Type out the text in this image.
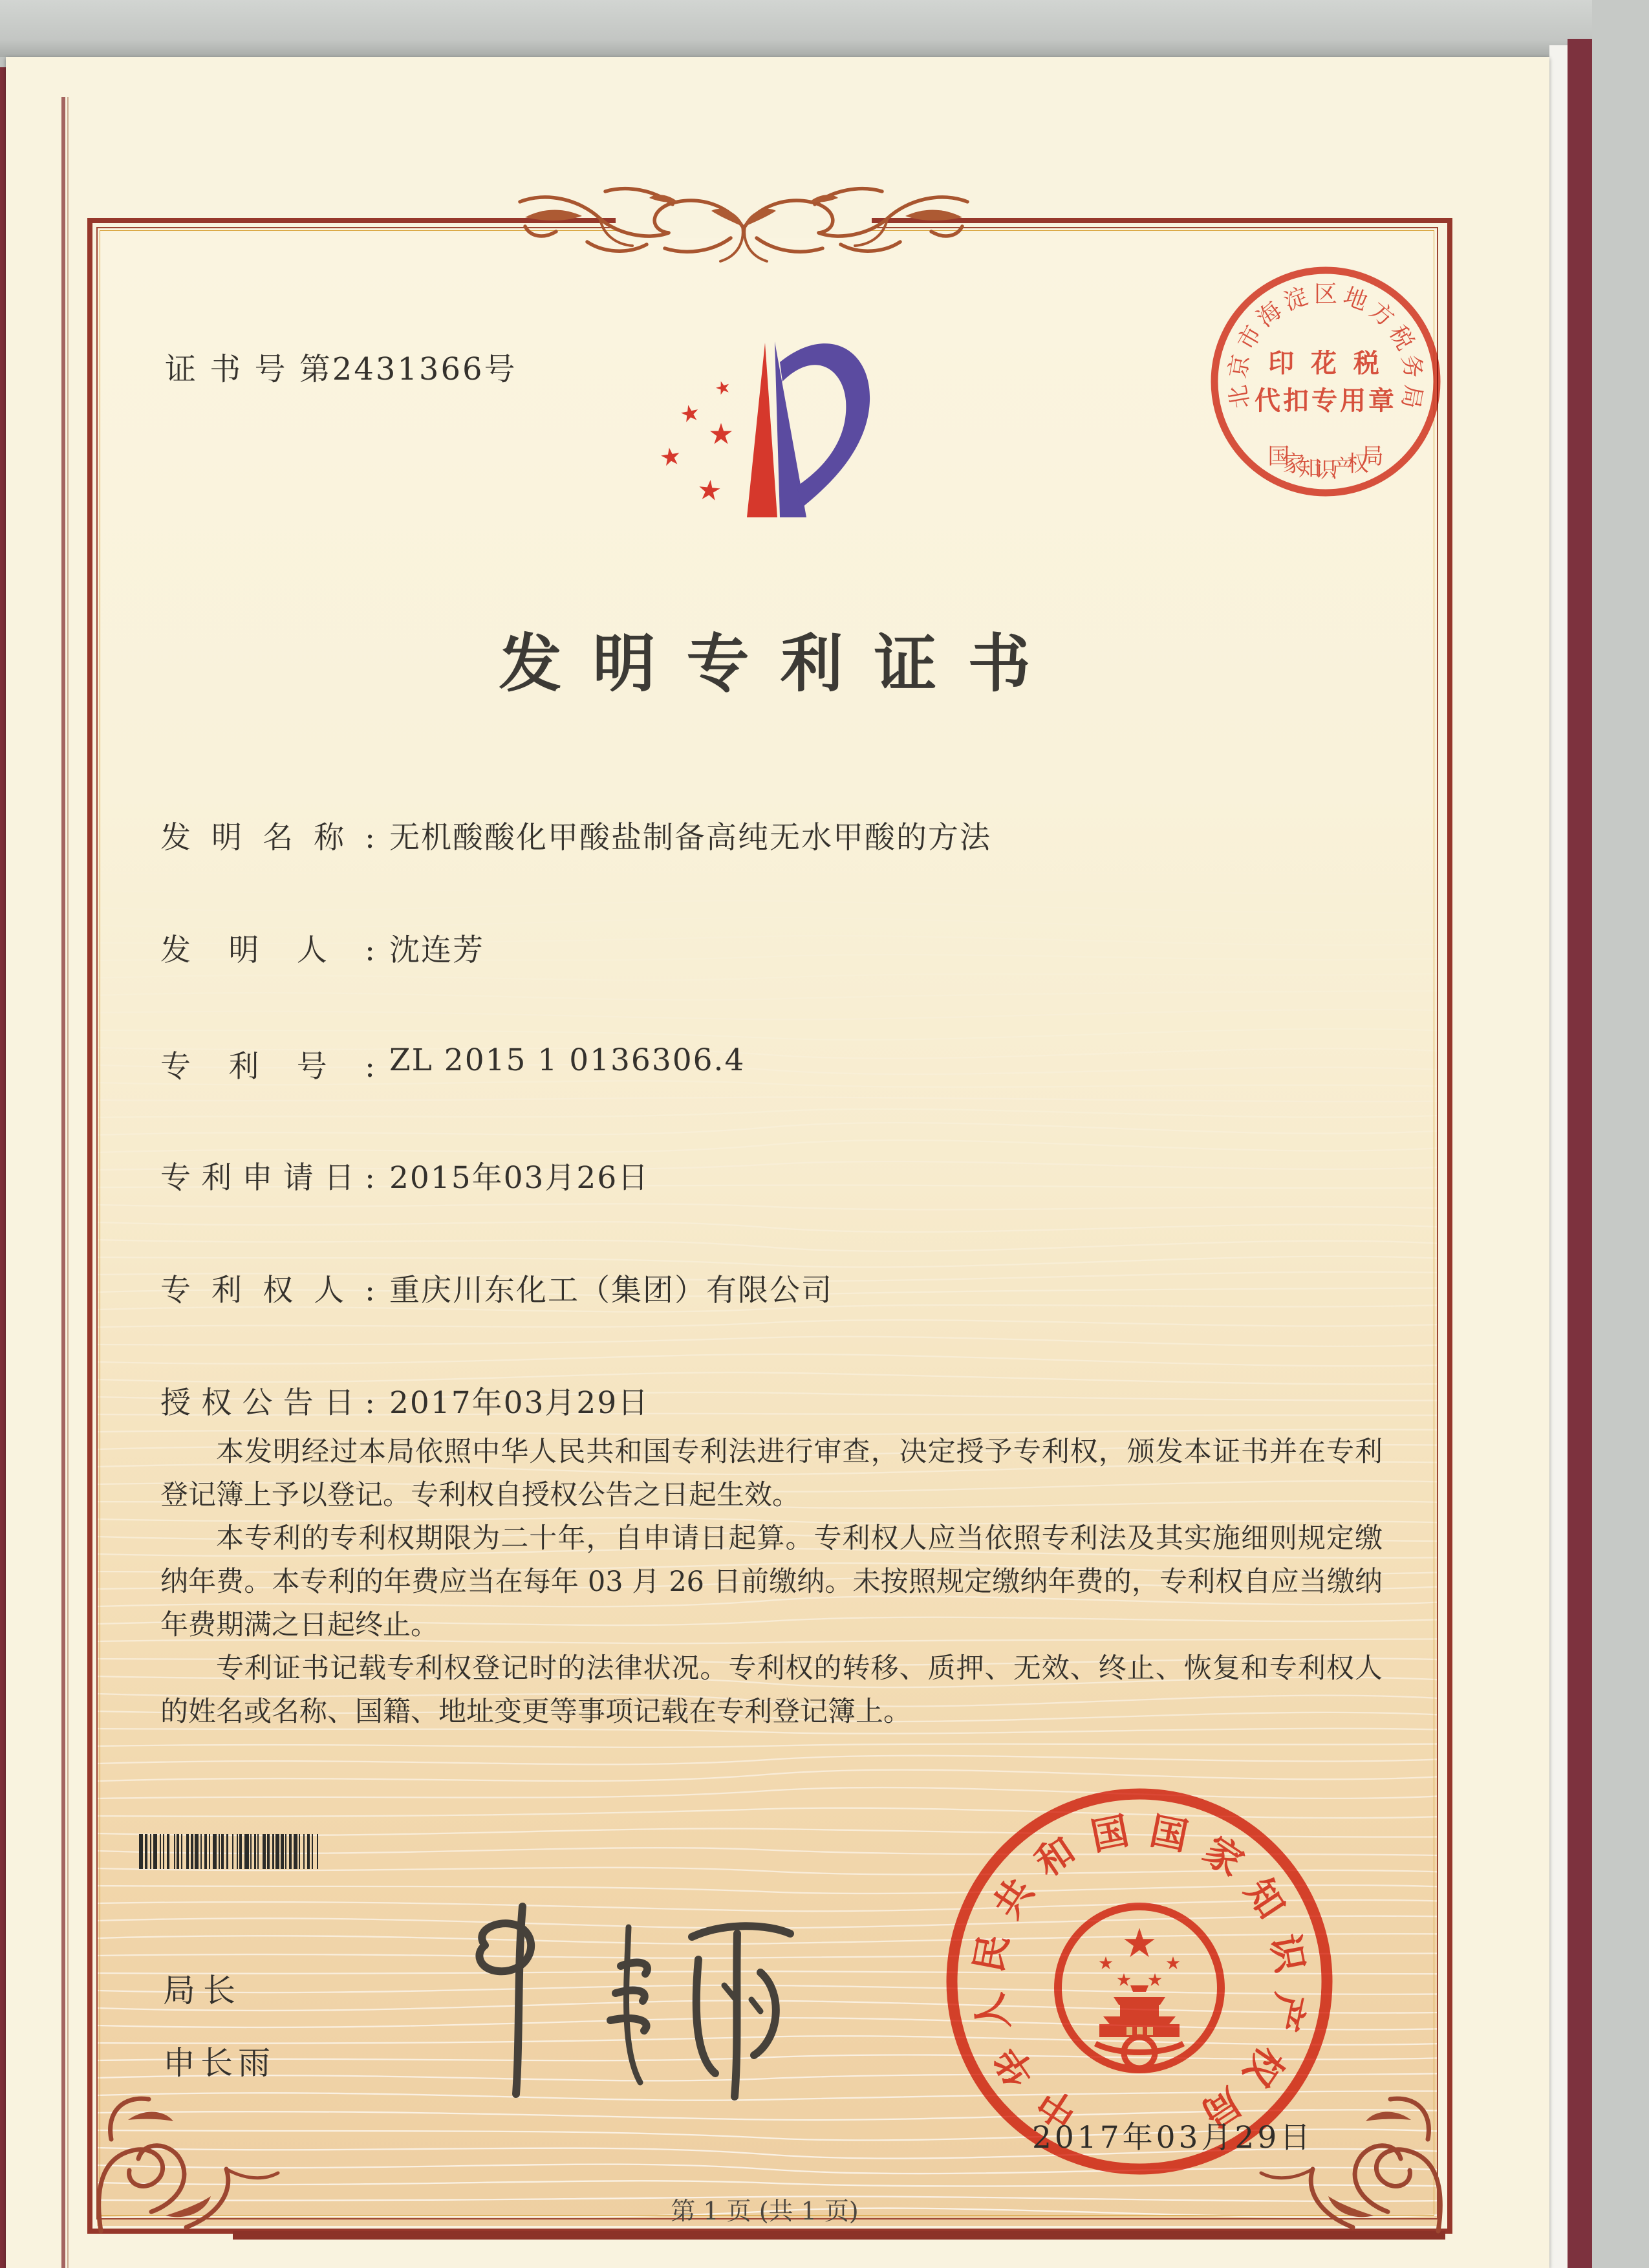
北
京
市
海
淀 区 地
方
税
务
局
国
家
知
识
产
权
局
印 花 税
代扣专用章
证 书 号 第2431366号
发明专利证书
发明名称: 无机酸酸化甲酸盐制备高纯无水甲酸的方法
发明人: 沈连芳
专利号: ZL 2015 1 0136306.4
专利申请日: 2015年03月26日
专利权人: 重庆川东化工（集团）有限公司
授权公告日: 2017年03月29日

本发明经过本局依照中华人民共和国专利法进行审查，决定授予专利权，颁发本证书并在专利登记簿上予以登记。专利权自授权公告之日起生效。

本专利的专利权期限为二十年，自申请日起算。专利权人应当依照专利法及其实施细则规定缴纳年费。本专利的年费应当在每年 03 月 26 日前缴纳。未按照规定缴纳年费的，专利权自应当缴纳年费期满之日起终止。

专利证书记载专利权登记时的法律状况。专利权的转移、质押、无效、终止、恢复和专利权人的姓名或名称、国籍、地址变更等事项记载在专利登记簿上。

局长
申长雨
中
华
人
民
共
和 国 国 家
知
识
产
权
局
2017年03月29日
第 1 页 (共 1 页)
